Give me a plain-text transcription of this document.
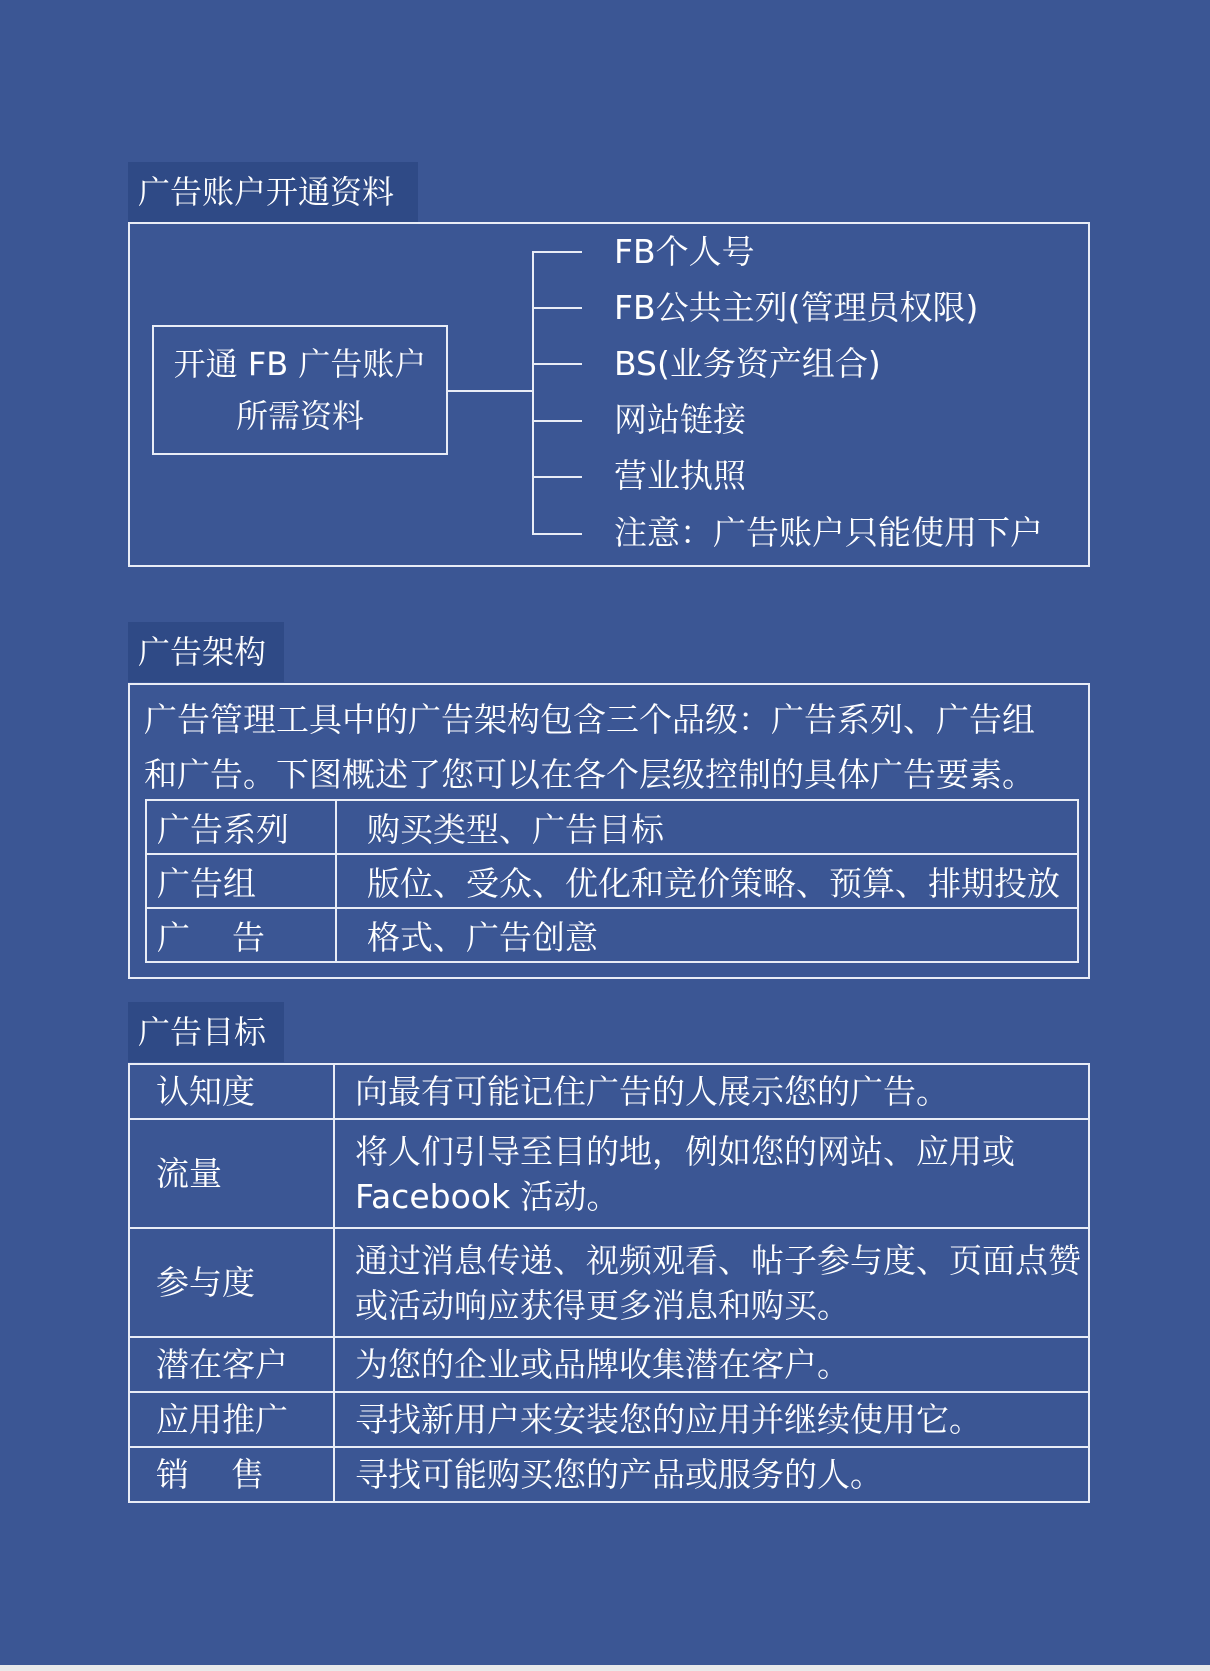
广告账户开通资料
开通 FB 广告账户
所需资料
FB个人号
FB公共主列(管理员权限)
BS(业务资产组合)
网站链接
营业执照
注意：广告账户只能使用下户
广告架构
广告管理工具中的广告架构包含三个品级：广告系列、广告组
和广告。下图概述了您可以在各个层级控制的具体广告要素。
广告系列	购买类型、广告目标
广告组	版位、受众、优化和竞价策略、预算、排期投放
广    告	格式、广告创意
广告目标
认知度	向最有可能记住广告的人展示您的广告。
流量	将人们引导至目的地，例如您的网站、应用或 Facebook 活动。
参与度	通过消息传递、视频观看、帖子参与度、页面点赞或活动响应获得更多消息和购买。
潜在客户	为您的企业或品牌收集潜在客户。
应用推广	寻找新用户来安装您的应用并继续使用它。
销    售	寻找可能购买您的产品或服务的人。
